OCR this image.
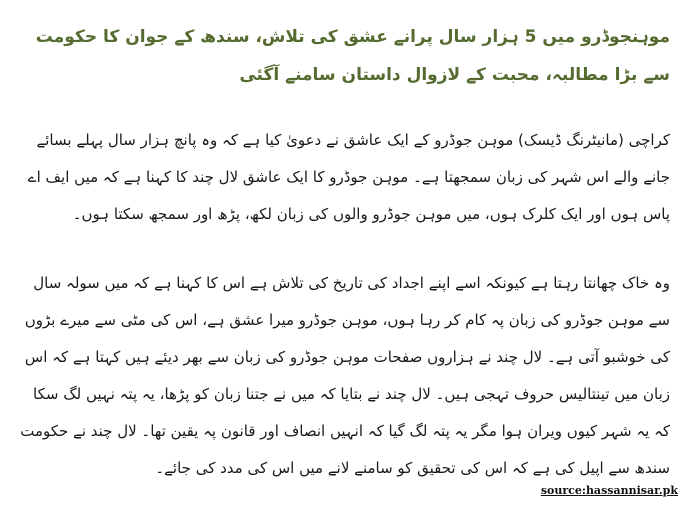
موہنجوڈرو میں 5 ہزار سال پرانے عشق کی تلاش، سندھ کے جوان کا حکومت سے بڑا مطالبہ، محبت کے لازوال داستان سامنے آگئی

کراچی (مانیٹرنگ ڈیسک) موہن جوڈرو کے ایک عاشق نے دعویٰ کیا ہے کہ وہ پانچ ہزار سال پہلے بسائے جانے والے اس شہر کی زبان سمجھتا ہے۔ موہن جوڈرو کا ایک عاشق لال چند کا کہنا ہے کہ میں ایف اے پاس ہوں اور ایک کلرک ہوں، میں موہن جوڈرو والوں کی زبان لکھ، پڑھ اور سمجھ سکتا ہوں۔

وہ خاک چھانتا رہتا ہے کیونکہ اسے اپنے اجداد کی تاریخ کی تلاش ہے اس کا کہنا ہے کہ میں سولہ سال سے موہن جوڈرو کی زبان پہ کام کر رہا ہوں، موہن جوڈرو میرا عشق ہے، اس کی مٹی سے میرے بڑوں کی خوشبو آتی ہے۔ لال چند نے ہزاروں صفحات موہن جوڈرو کی زبان سے بھر دیئے ہیں کہتا ہے کہ اس زبان میں تینتالیس حروف تہجی ہیں۔ لال چند نے بتایا کہ میں نے جتنا زبان کو پڑھا، یہ پتہ نہیں لگ سکا کہ یہ شہر کیوں ویران ہوا مگر یہ پتہ لگ گیا کہ انہیں انصاف اور قانون پہ یقین تھا۔ لال چند نے حکومت سندھ سے اپیل کی ہے کہ اس کی تحقیق کو سامنے لانے میں اس کی مدد کی جائے۔

source:hassannisar.pk
